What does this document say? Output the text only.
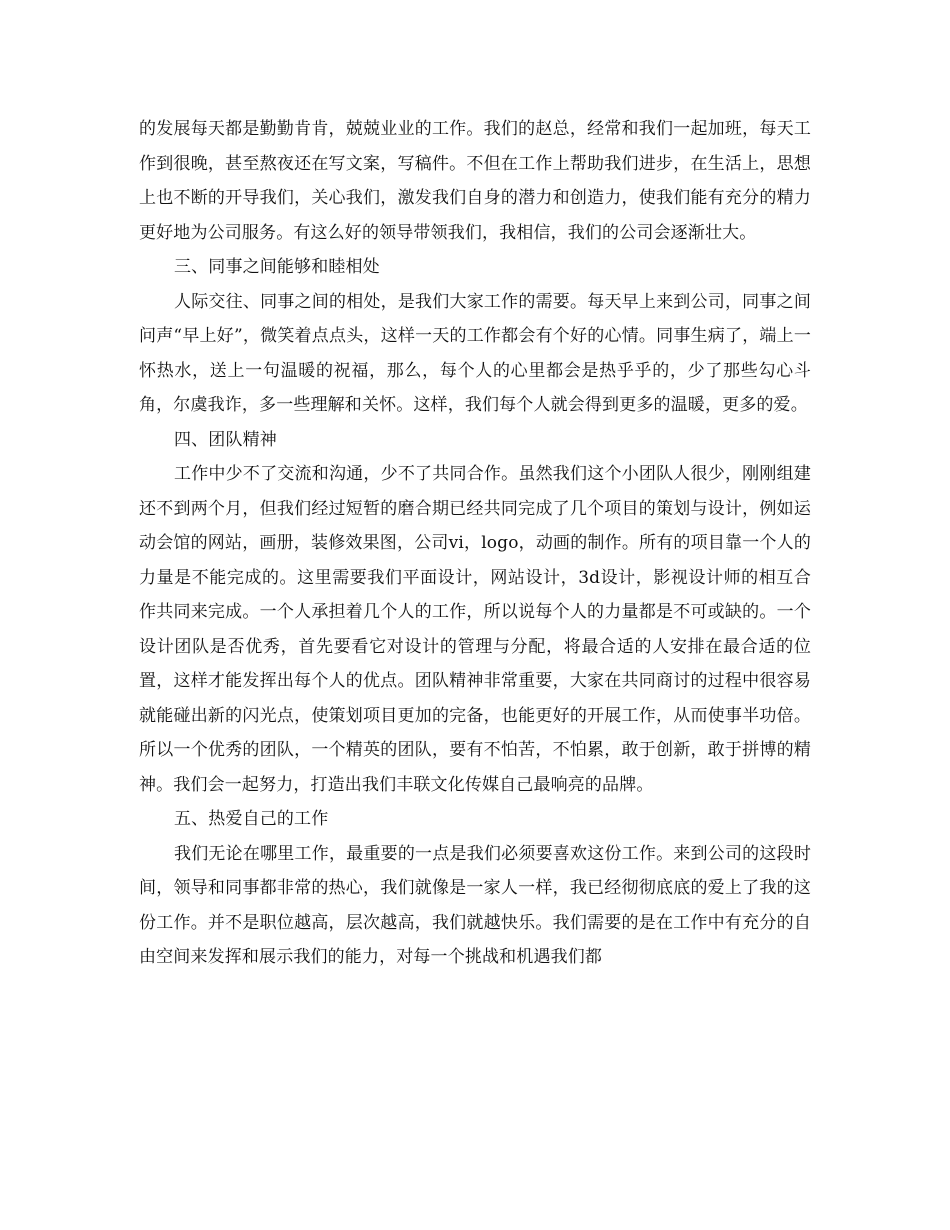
的发展每天都是勤勤肯肯，兢兢业业的工作。我们的赵总，经常和我们一起加班，每天工作到很晚，甚至熬夜还在写文案，写稿件。不但在工作上帮助我们进步，在生活上，思想上也不断的开导我们，关心我们，激发我们自身的潜力和创造力，使我们能有充分的精力更好地为公司服务。有这么好的领导带领我们，我相信，我们的公司会逐渐壮大。

三、同事之间能够和睦相处

人际交往、同事之间的相处，是我们大家工作的需要。每天早上来到公司，同事之间问声“早上好”，微笑着点点头，这样一天的工作都会有个好的心情。同事生病了，端上一怀热水，送上一句温暖的祝福，那么，每个人的心里都会是热乎乎的，少了那些勾心斗角，尔虞我诈，多一些理解和关怀。这样，我们每个人就会得到更多的温暖，更多的爱。

四、团队精神

工作中少不了交流和沟通，少不了共同合作。虽然我们这个小团队人很少，刚刚组建还不到两个月，但我们经过短暂的磨合期已经共同完成了几个项目的策划与设计，例如运动会馆的网站，画册，装修效果图，公司vi，logo，动画的制作。所有的项目靠一个人的力量是不能完成的。这里需要我们平面设计，网站设计，3d设计，影视设计师的相互合作共同来完成。一个人承担着几个人的工作，所以说每个人的力量都是不可或缺的。一个设计团队是否优秀，首先要看它对设计的管理与分配，将最合适的人安排在最合适的位置，这样才能发挥出每个人的优点。团队精神非常重要，大家在共同商讨的过程中很容易就能碰出新的闪光点，使策划项目更加的完备，也能更好的开展工作，从而使事半功倍。所以一个优秀的团队，一个精英的团队，要有不怕苦，不怕累，敢于创新，敢于拼博的精神。我们会一起努力，打造出我们丰联文化传媒自己最响亮的品牌。

五、热爱自己的工作

我们无论在哪里工作，最重要的一点是我们必须要喜欢这份工作。来到公司的这段时间，领导和同事都非常的热心，我们就像是一家人一样，我已经彻彻底底的爱上了我的这份工作。并不是职位越高，层次越高，我们就越快乐。我们需要的是在工作中有充分的自由空间来发挥和展示我们的能力，对每一个挑战和机遇我们都
